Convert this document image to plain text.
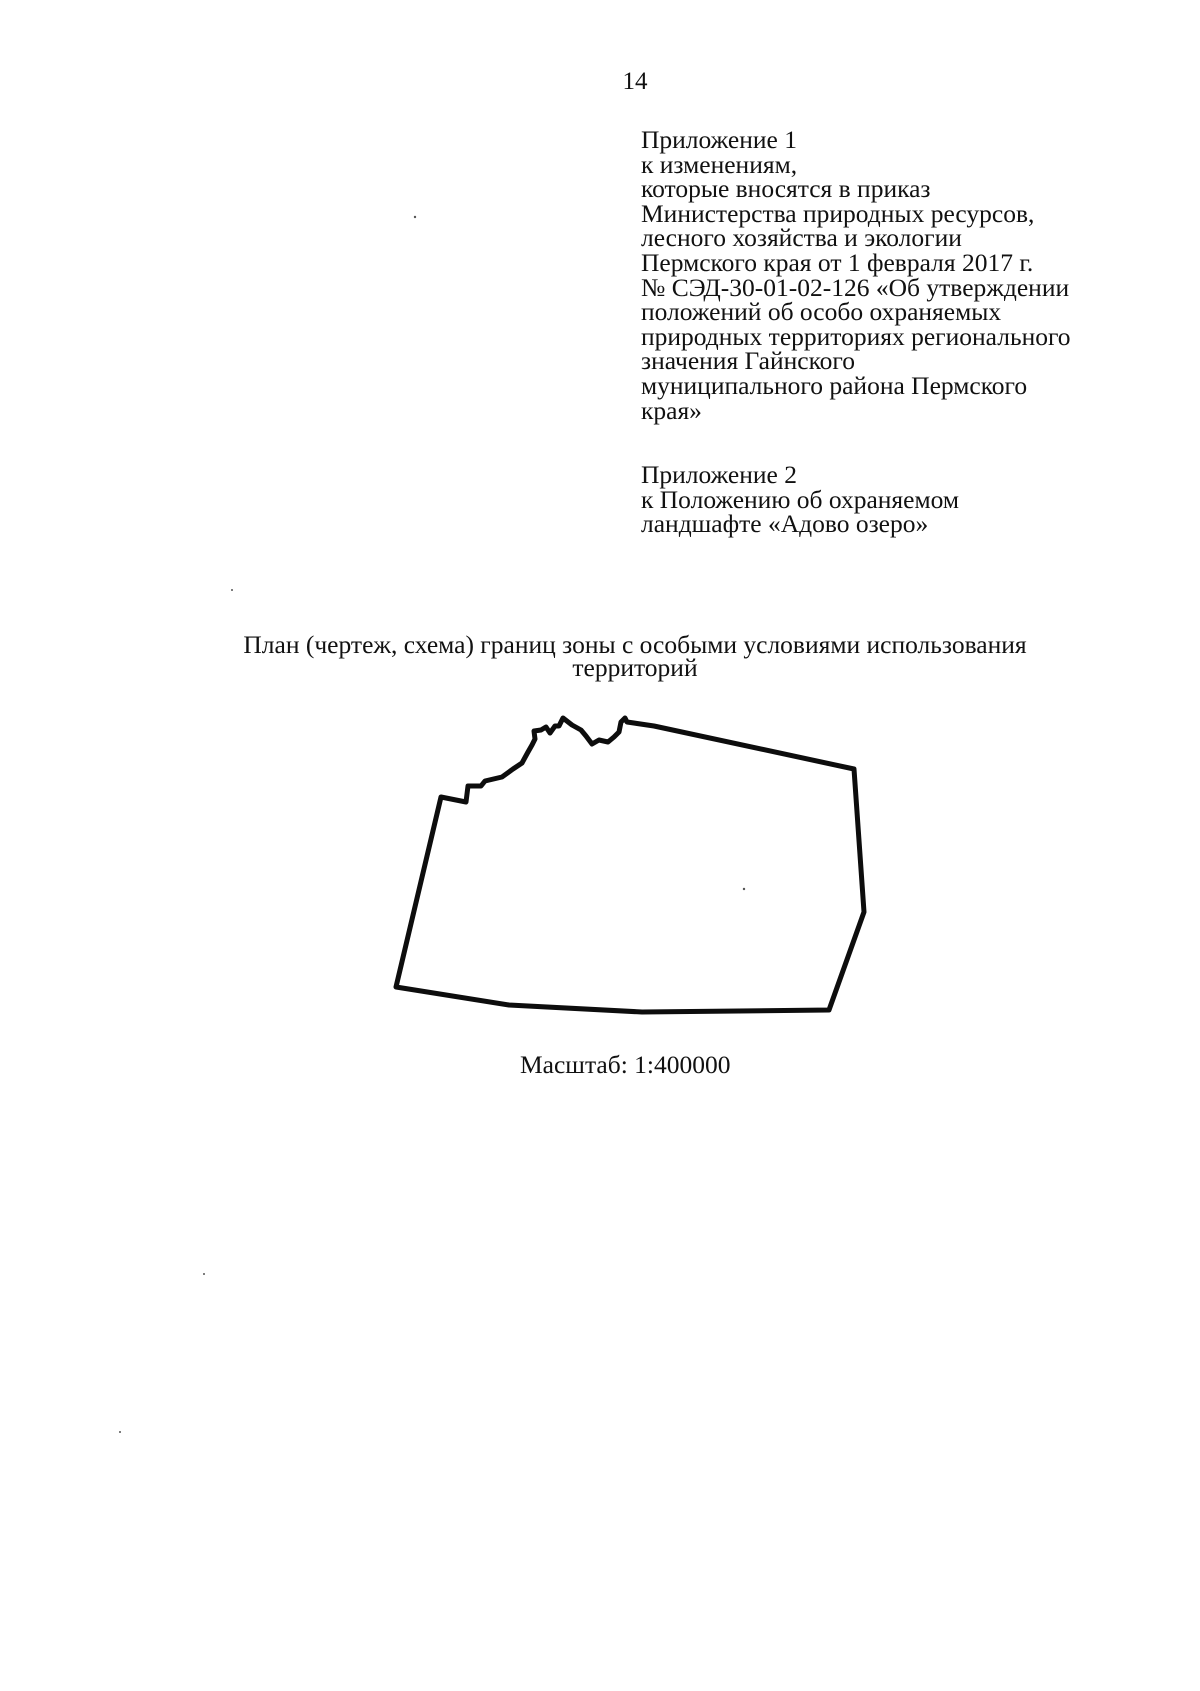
14
Приложение 1
к изменениям,
которые вносятся в приказ
Министерства природных ресурсов,
лесного хозяйства и экологии
Пермского края от 1 февраля 2017 г.
№ СЭД-30-01-02-126 «Об утверждении
положений об особо охраняемых
природных территориях регионального
значения Гайнского
муниципального района Пермского
края»
Приложение 2
к Положению об охраняемом
ландшафте «Адово озеро»
План (чертеж, схема) границ зоны с особыми условиями использования
территорий
Масштаб: 1:400000
